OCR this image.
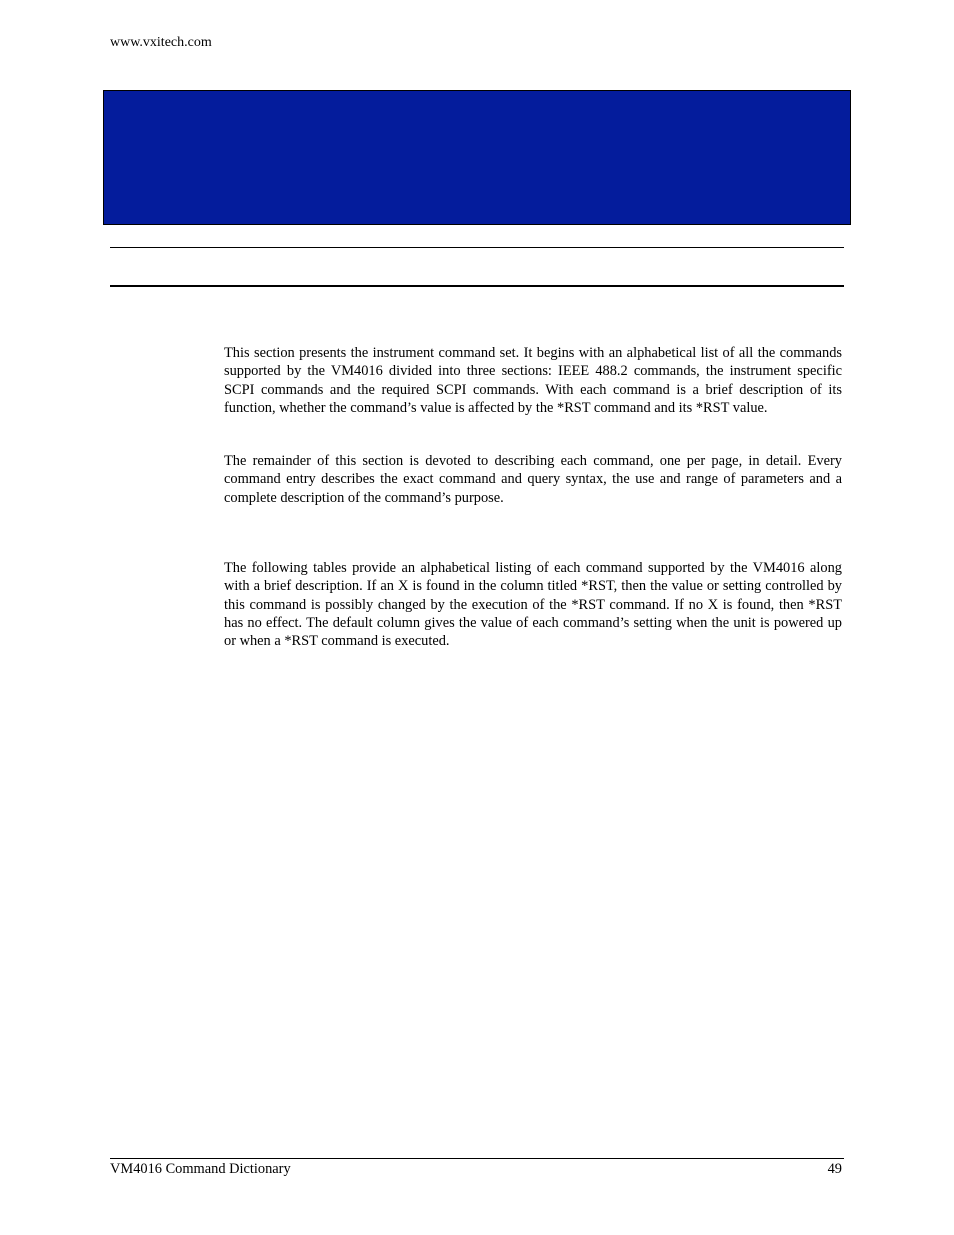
www.vxitech.com

This section presents the instrument command set. It begins with an alphabetical list of all the commands supported by the VM4016 divided into three sections: IEEE 488.2 commands, the instrument specific SCPI commands and the required SCPI commands. With each command is a brief description of its function, whether the command’s value is affected by the *RST command and its *RST value.

The remainder of this section is devoted to describing each command, one per page, in detail. Every command entry describes the exact command and query syntax, the use and range of parameters and a complete description of the command’s purpose.

The following tables provide an alphabetical listing of each command supported by the VM4016 along with a brief description. If an X is found in the column titled *RST, then the value or setting controlled by this command is possibly changed by the execution of the *RST command. If no X is found, then *RST has no effect. The default column gives the value of each command’s setting when the unit is powered up or when a *RST command is executed.

VM4016 Command Dictionary	49
